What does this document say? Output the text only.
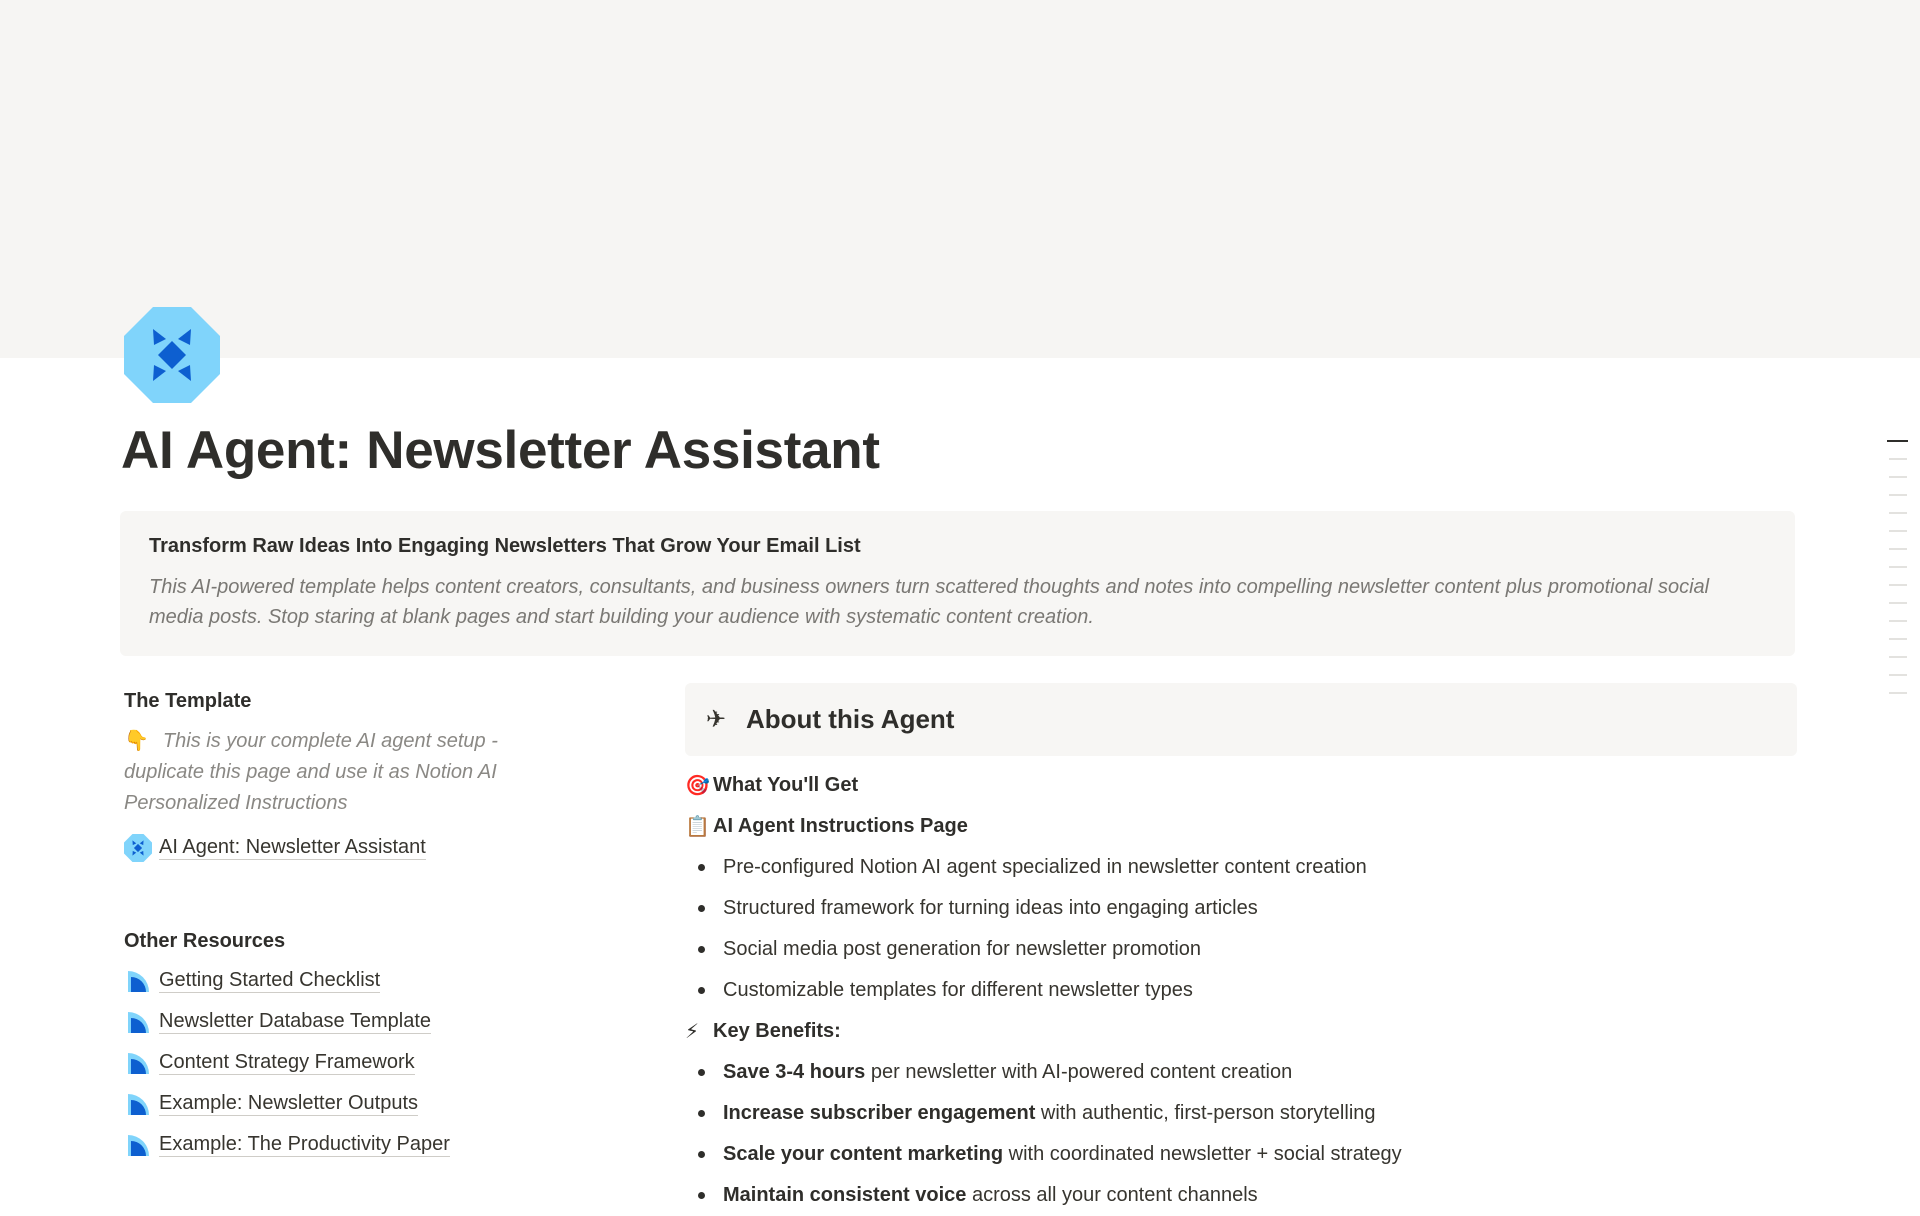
AI Agent: Newsletter Assistant

Transform Raw Ideas Into Engaging Newsletters That Grow Your Email List

This AI-powered template helps content creators, consultants, and business owners turn scattered thoughts and notes into compelling newsletter content plus promotional social media posts. Stop staring at blank pages and start building your audience with systematic content creation.

The Template

👇 This is your complete AI agent setup - duplicate this page and use it as Notion AI Personalized Instructions

AI Agent: Newsletter Assistant
Other Resources
Getting Started Checklist
Newsletter Database Template
Content Strategy Framework
Example: Newsletter Outputs
Example: The Productivity Paper
✈ About this Agent
🎯 What You'll Get
📋 AI Agent Instructions Page
Pre-configured Notion AI agent specialized in newsletter content creation
Structured framework for turning ideas into engaging articles
Social media post generation for newsletter promotion
Customizable templates for different newsletter types
⚡ Key Benefits:
Save 3-4 hours per newsletter with AI-powered content creation
Increase subscriber engagement with authentic, first-person storytelling
Scale your content marketing with coordinated newsletter + social strategy
Maintain consistent voice across all your content channels
